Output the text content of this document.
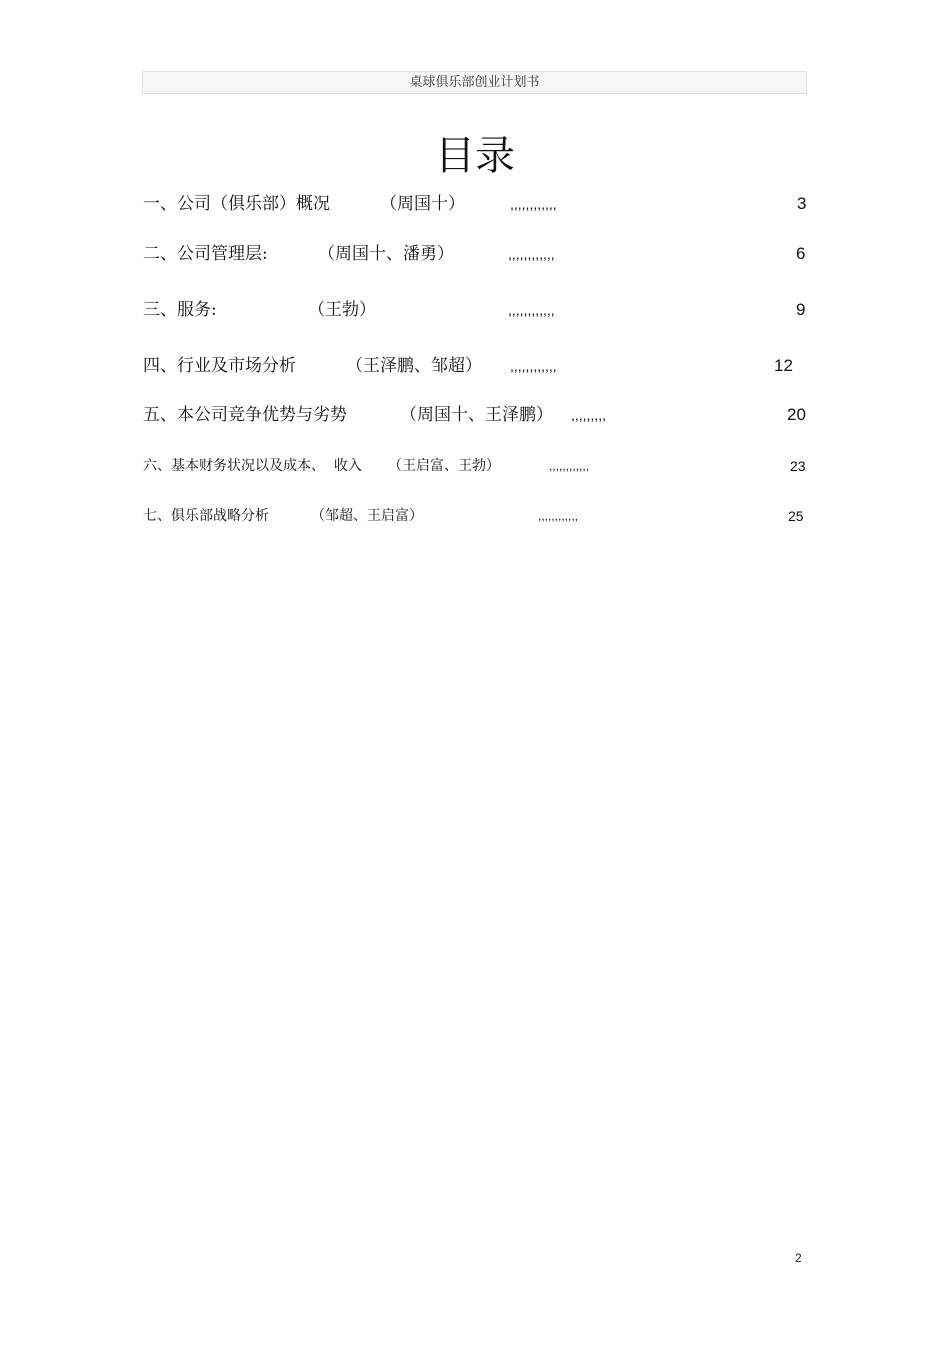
桌球俱乐部创业计划书
目录
一、公司（俱乐部）概况	（周国十）	,,,,,,,,,,,,	3
二、公司管理层:	（周国十、潘勇）	,,,,,,,,,,,,	6
三、服务:	（王勃）	,,,,,,,,,,,,	9
四、行业及市场分析	（王泽鹏、邹超） ,,,,,,,,,,,,	12
五、本公司竞争优势与劣势	（周国十、王泽鹏） ,,,,,,,,,	20
六、基本财务状况以及成本、  收入 （王启富、王勃）	,,,,,,,,,,,,	23
七、俱乐部战略分析	（邹超、王启富）	,,,,,,,,,,,,	25
2
